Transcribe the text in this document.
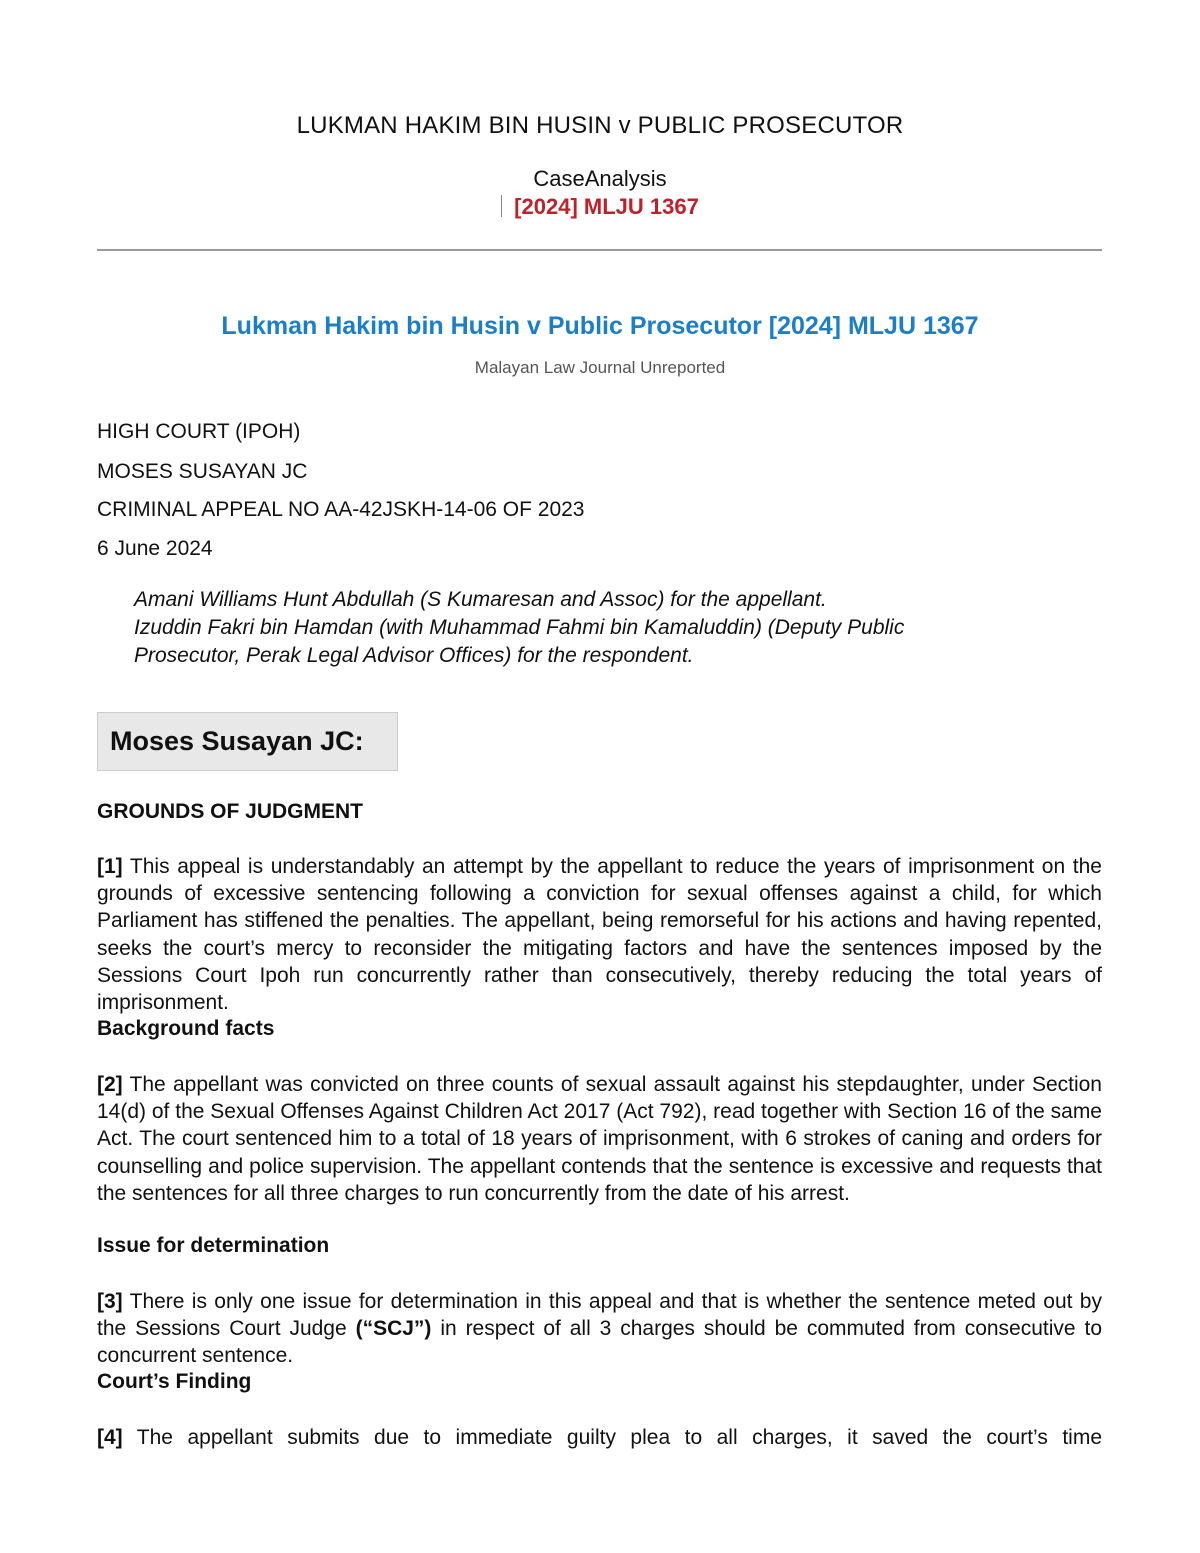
LUKMAN HAKIM BIN HUSIN v PUBLIC PROSECUTOR
CaseAnalysis
[2024] MLJU 1367
Lukman Hakim bin Husin v Public Prosecutor [2024] MLJU 1367
Malayan Law Journal Unreported
HIGH COURT (IPOH)
MOSES SUSAYAN JC
CRIMINAL APPEAL NO AA-42JSKH-14-06 OF 2023
6 June 2024
Amani Williams Hunt Abdullah (S Kumaresan and Assoc) for the appellant.
Izuddin Fakri bin Hamdan (with Muhammad Fahmi bin Kamaluddin) (Deputy Public
Prosecutor, Perak Legal Advisor Offices) for the respondent.
Moses Susayan JC:
GROUNDS OF JUDGMENT
[1] This appeal is understandably an attempt by the appellant to reduce the years of imprisonment on the grounds of excessive sentencing following a conviction for sexual offenses against a child, for which Parliament has stiffened the penalties. The appellant, being remorseful for his actions and having repented, seeks the court’s mercy to reconsider the mitigating factors and have the sentences imposed by the Sessions Court Ipoh run concurrently rather than consecutively, thereby reducing the total years of imprisonment.
Background facts
[2] The appellant was convicted on three counts of sexual assault against his stepdaughter, under Section 14(d) of the Sexual Offenses Against Children Act 2017 (Act 792), read together with Section 16 of the same Act. The court sentenced him to a total of 18 years of imprisonment, with 6 strokes of caning and orders for counselling and police supervision. The appellant contends that the sentence is excessive and requests that the sentences for all three charges to run concurrently from the date of his arrest.
Issue for determination
[3] There is only one issue for determination in this appeal and that is whether the sentence meted out by the Sessions Court Judge (“SCJ”) in respect of all 3 charges should be commuted from consecutive to concurrent sentence.
Court’s Finding
[4] The appellant submits due to immediate guilty plea to all charges, it saved the court’s time
